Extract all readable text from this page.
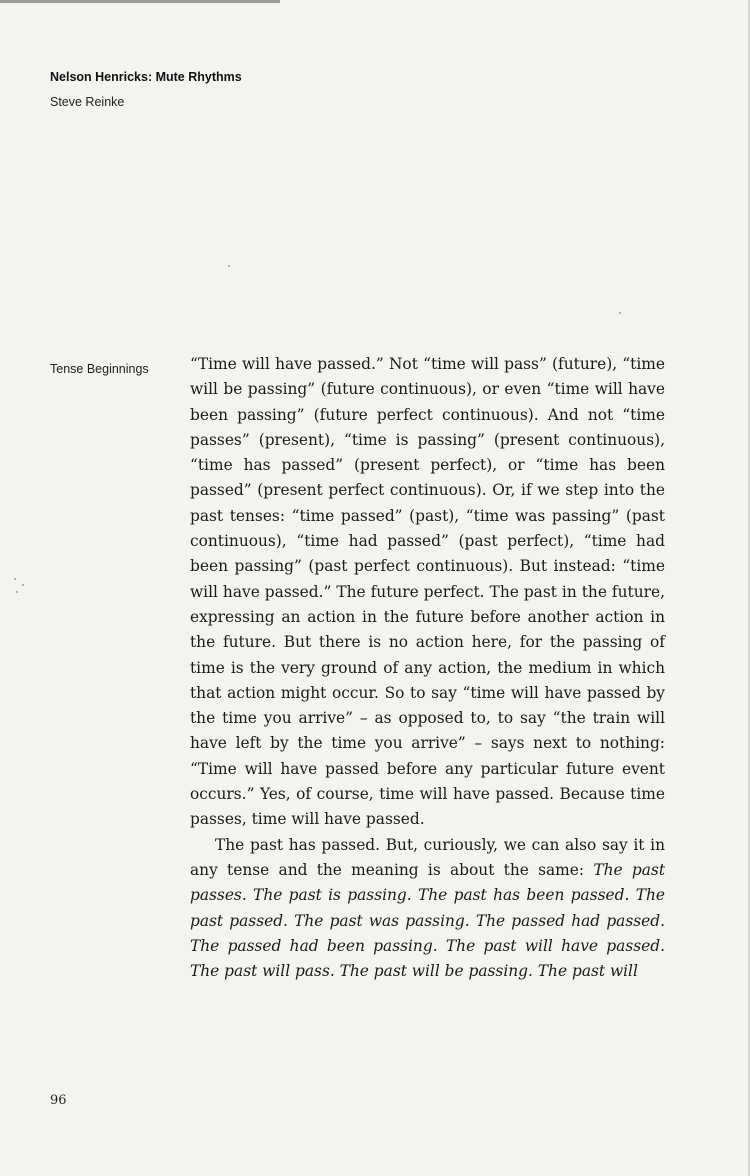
Nelson Henricks: Mute Rhythms
Steve Reinke
Tense Beginnings	“Time will have passed.” Not “time will pass” (future), “time will be passing” (future continuous), or even “time will have been passing” (future perfect continuous). And not “time passes” (present), “time is passing” (present continuous), “time has passed” (present perfect), or “time has been passed” (present perfect continuous). Or, if we step into the past tenses: “time passed” (past), “time was passing” (past continuous), “time had passed” (past perfect), “time had been passing” (past perfect continuous). But instead: “time will have passed.” The future perfect. The past in the future, expressing an action in the future before another action in the future. But there is no action here, for the passing of time is the very ground of any action, the medium in which that action might occur. So to say “time will have passed by the time you arrive” – as opposed to, to say “the train will have left by the time you arrive” – says next to nothing: “Time will have passed before any particular future event occurs.” Yes, of course, time will have passed. Because time passes, time will have passed.

The past has passed. But, curiously, we can also say it in any tense and the meaning is about the same: The past passes. The past is passing. The past has been passed. The past passed. The past was passing. The passed had passed. The passed had been passing. The past will have passed. The past will pass. The past will be passing. The past will

96
